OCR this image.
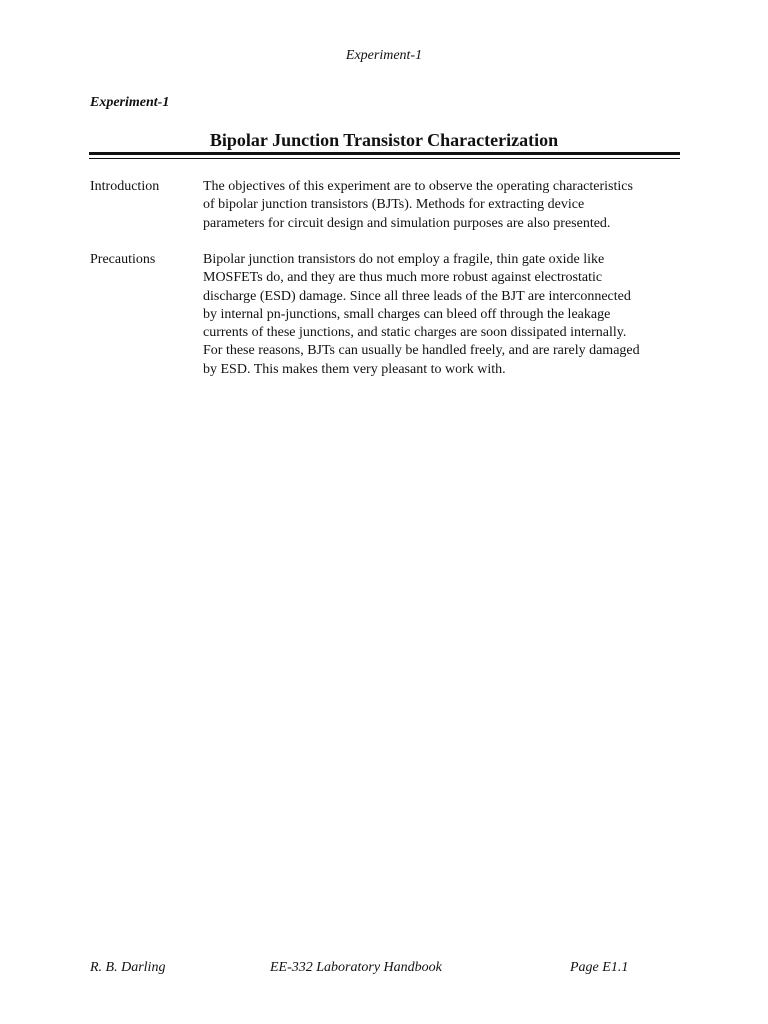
Experiment-1
Experiment-1
Bipolar Junction Transistor Characterization
Introduction	The objectives of this experiment are to observe the operating characteristics
of bipolar junction transistors (BJTs). Methods for extracting device
parameters for circuit design and simulation purposes are also presented.
Precautions	Bipolar junction transistors do not employ a fragile, thin gate oxide like
MOSFETs do, and they are thus much more robust against electrostatic
discharge (ESD) damage. Since all three leads of the BJT are interconnected
by internal pn-junctions, small charges can bleed off through the leakage
currents of these junctions, and static charges are soon dissipated internally.
For these reasons, BJTs can usually be handled freely, and are rarely damaged
by ESD. This makes them very pleasant to work with.
R. B. Darling	EE-332 Laboratory Handbook	Page E1.1
